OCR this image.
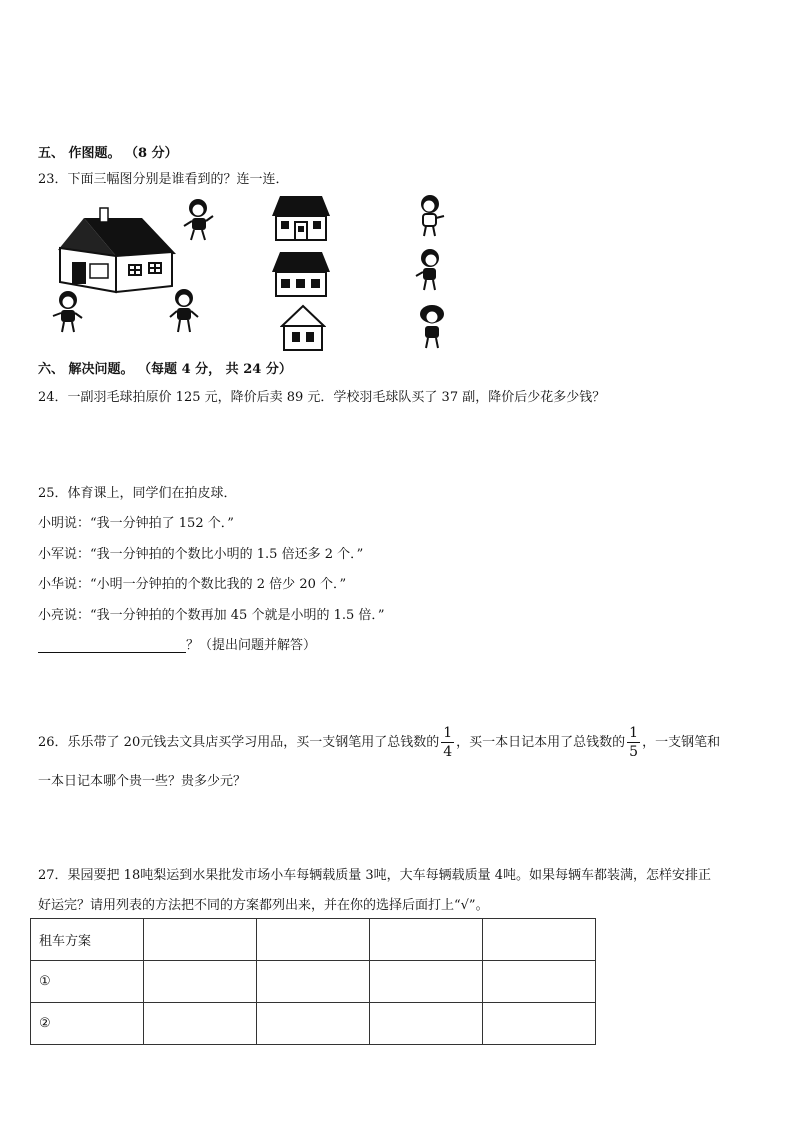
五、 作图题。 （8 分）
23．下面三幅图分别是谁看到的？连一连．
六、 解决问题。 （每题 4 分， 共 24 分）
24．一副羽毛球拍原价 125 元，降价后卖 89 元．学校羽毛球队买了 37 副，降价后少花多少钱？
25．体育课上，同学们在拍皮球．
小明说：“我一分钟拍了 152 个．”
小军说：“我一分钟拍的个数比小明的 1.5 倍还多 2 个．”
小华说：“小明一分钟拍的个数比我的 2 倍少 20 个．”
小亮说：“我一分钟拍的个数再加 45 个就是小明的 1.5 倍．”
？（提出问题并解答）
26．乐乐带了 20元钱去文具店买学习用品，买一支钢笔用了总钱数的 $\frac{1}{4}$ ，买一本日记本用了总钱数的 $\frac{1}{5}$ ，一支钢笔和
一本日记本哪个贵一些？贵多少元？
27．果园要把 18吨梨运到水果批发市场小车每辆载质量 3吨，大车每辆载质量 4吨。如果每辆车都装满，怎样安排正
好运完？请用列表的方法把不同的方案都列出来，并在你的选择后面打上“√”。
租车方案				
①				
②				
